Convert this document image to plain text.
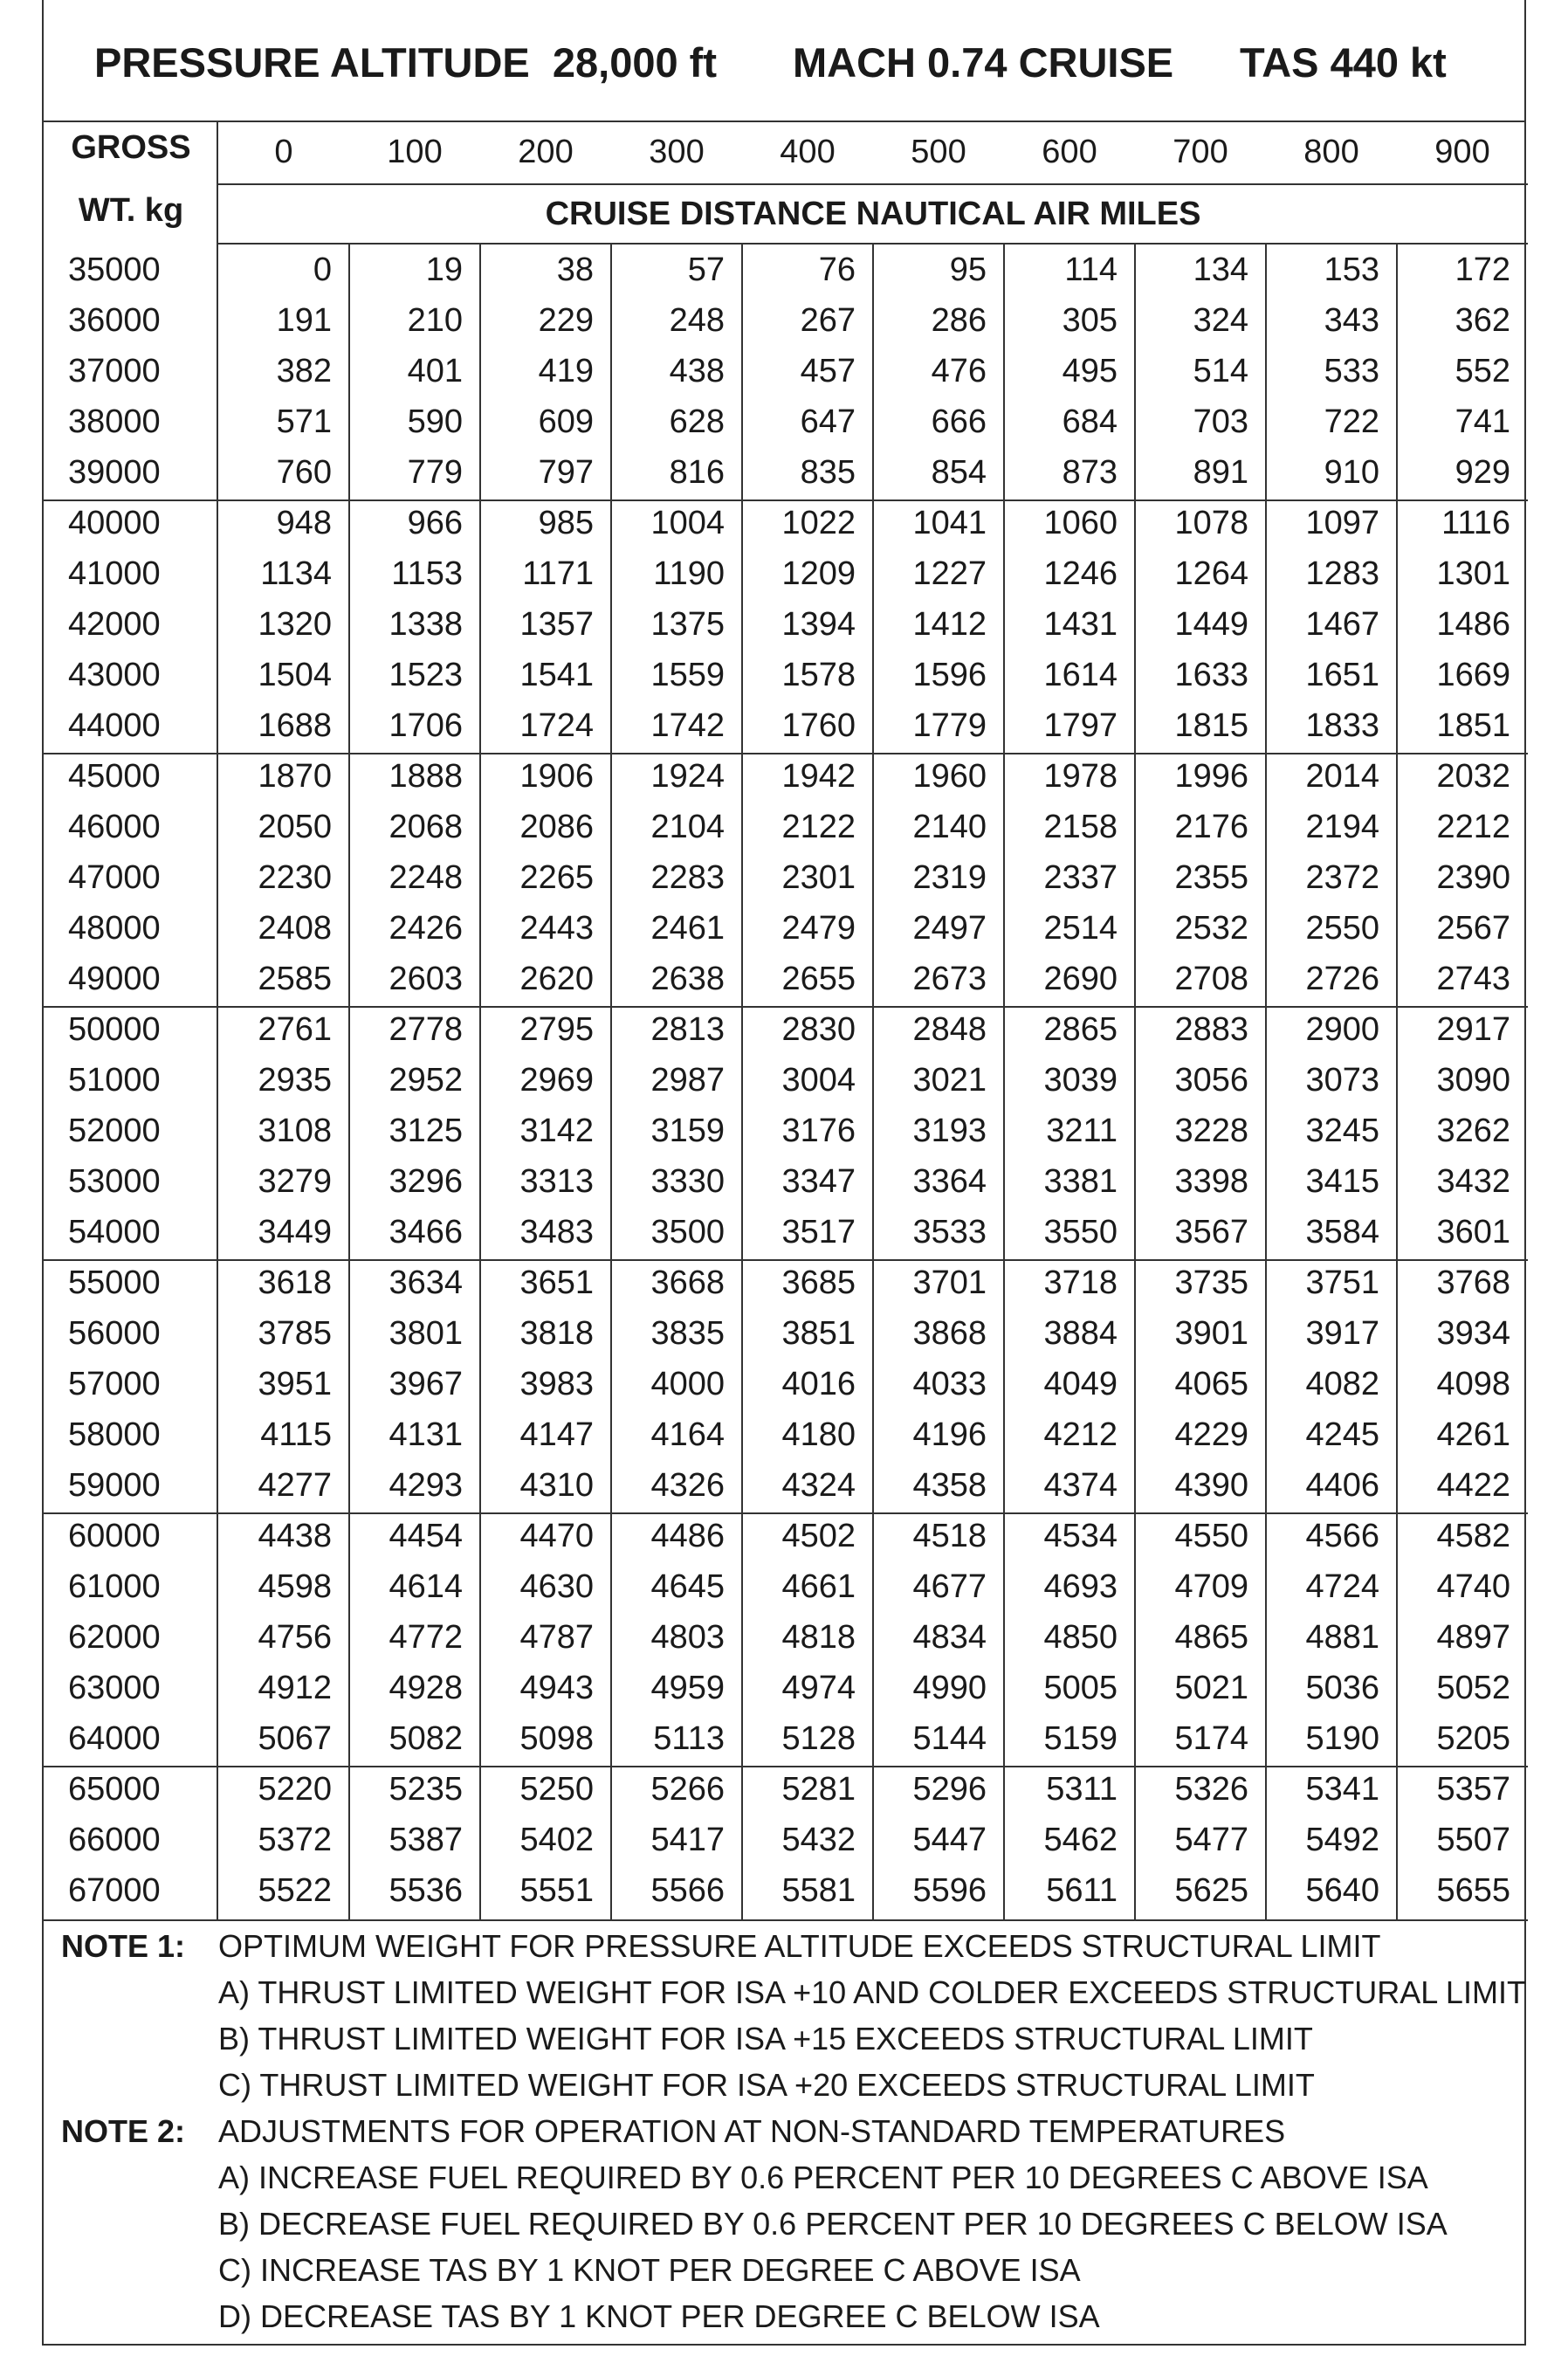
PRESSURE ALTITUDE  28,000 ft

MACH 0.74 CRUISE

TAS 440 kt

GROSS
WT. kg
0	100	200	300	400	500	600	700	800	900
CRUISE DISTANCE NAUTICAL AIR MILES
35000	0	19	38	57	76	95	114	134	153	172
36000	191	210	229	248	267	286	305	324	343	362
37000	382	401	419	438	457	476	495	514	533	552
38000	571	590	609	628	647	666	684	703	722	741
39000	760	779	797	816	835	854	873	891	910	929
40000	948	966	985	1004	1022	1041	1060	1078	1097	1116
41000	1134	1153	1171	1190	1209	1227	1246	1264	1283	1301
42000	1320	1338	1357	1375	1394	1412	1431	1449	1467	1486
43000	1504	1523	1541	1559	1578	1596	1614	1633	1651	1669
44000	1688	1706	1724	1742	1760	1779	1797	1815	1833	1851
45000	1870	1888	1906	1924	1942	1960	1978	1996	2014	2032
46000	2050	2068	2086	2104	2122	2140	2158	2176	2194	2212
47000	2230	2248	2265	2283	2301	2319	2337	2355	2372	2390
48000	2408	2426	2443	2461	2479	2497	2514	2532	2550	2567
49000	2585	2603	2620	2638	2655	2673	2690	2708	2726	2743
50000	2761	2778	2795	2813	2830	2848	2865	2883	2900	2917
51000	2935	2952	2969	2987	3004	3021	3039	3056	3073	3090
52000	3108	3125	3142	3159	3176	3193	3211	3228	3245	3262
53000	3279	3296	3313	3330	3347	3364	3381	3398	3415	3432
54000	3449	3466	3483	3500	3517	3533	3550	3567	3584	3601
55000	3618	3634	3651	3668	3685	3701	3718	3735	3751	3768
56000	3785	3801	3818	3835	3851	3868	3884	3901	3917	3934
57000	3951	3967	3983	4000	4016	4033	4049	4065	4082	4098
58000	4115	4131	4147	4164	4180	4196	4212	4229	4245	4261
59000	4277	4293	4310	4326	4324	4358	4374	4390	4406	4422
60000	4438	4454	4470	4486	4502	4518	4534	4550	4566	4582
61000	4598	4614	4630	4645	4661	4677	4693	4709	4724	4740
62000	4756	4772	4787	4803	4818	4834	4850	4865	4881	4897
63000	4912	4928	4943	4959	4974	4990	5005	5021	5036	5052
64000	5067	5082	5098	5113	5128	5144	5159	5174	5190	5205
65000	5220	5235	5250	5266	5281	5296	5311	5326	5341	5357
66000	5372	5387	5402	5417	5432	5447	5462	5477	5492	5507
67000	5522	5536	5551	5566	5581	5596	5611	5625	5640	5655
NOTE 1: OPTIMUM WEIGHT FOR PRESSURE ALTITUDE EXCEEDS STRUCTURAL LIMIT
A) THRUST LIMITED WEIGHT FOR ISA +10 AND COLDER EXCEEDS STRUCTURAL LIMIT
B) THRUST LIMITED WEIGHT FOR ISA +15 EXCEEDS STRUCTURAL LIMIT
C) THRUST LIMITED WEIGHT FOR ISA +20 EXCEEDS STRUCTURAL LIMIT
NOTE 2: ADJUSTMENTS FOR OPERATION AT NON-STANDARD TEMPERATURES
A) INCREASE FUEL REQUIRED BY 0.6 PERCENT PER 10 DEGREES C ABOVE ISA
B) DECREASE FUEL REQUIRED BY 0.6 PERCENT PER 10 DEGREES C BELOW ISA
C) INCREASE TAS BY 1 KNOT PER DEGREE C ABOVE ISA
D) DECREASE TAS BY 1 KNOT PER DEGREE C BELOW ISA
